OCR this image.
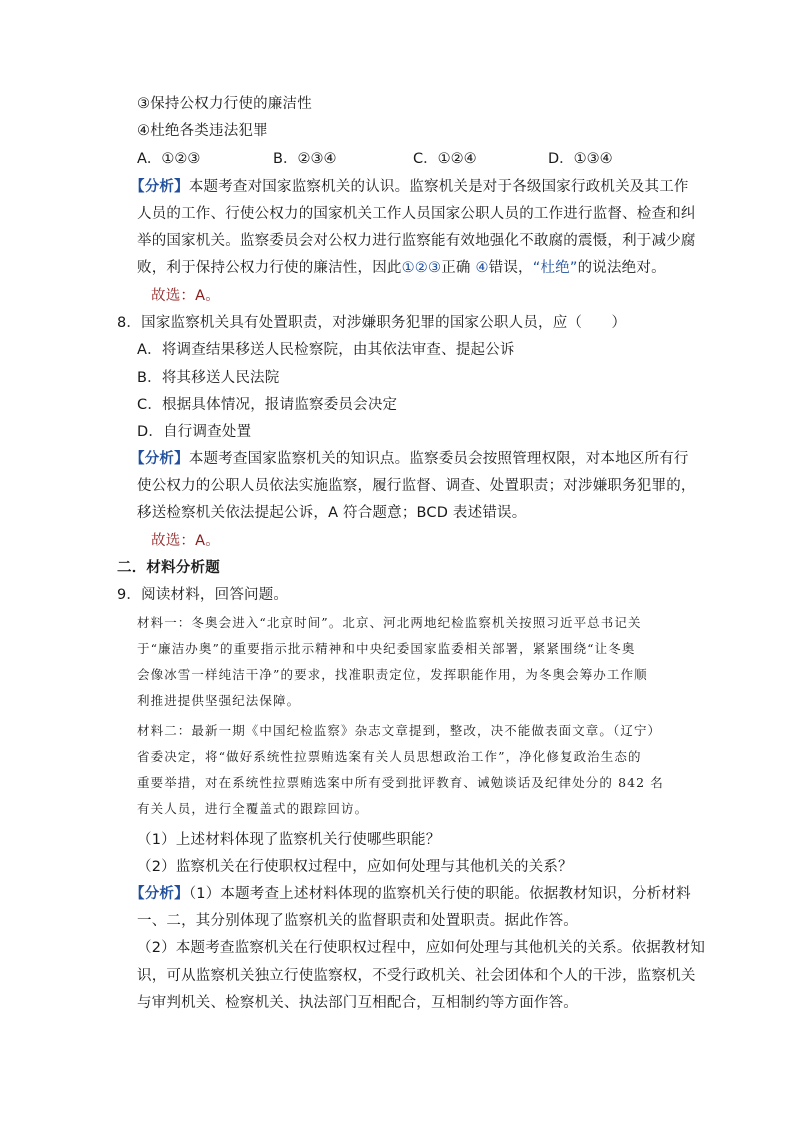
③保持公权力行使的廉洁性
④杜绝各类违法犯罪
A．①②③	B．②③④	C．①②④	D．①③④
【分析】本题考查对国家监察机关的认识。监察机关是对于各级国家行政机关及其工作
人员的工作、行使公权力的国家机关工作人员国家公职人员的工作进行监督、检查和纠
举的国家机关。监察委员会对公权力进行监察能有效地强化不敢腐的震慑，利于减少腐
败，利于保持公权力行使的廉洁性，因此①②③正确 ④错误，“杜绝”的说法绝对。
故选：A。
8．国家监察机关具有处置职责，对涉嫌职务犯罪的国家公职人员，应（　　）
A．将调查结果移送人民检察院，由其依法审查、提起公诉
B．将其移送人民法院
C．根据具体情况，报请监察委员会决定
D．自行调查处置
【分析】本题考查国家监察机关的知识点。监察委员会按照管理权限，对本地区所有行
使公权力的公职人员依法实施监察，履行监督、调查、处置职责；对涉嫌职务犯罪的，
移送检察机关依法提起公诉，A 符合题意；BCD 表述错误。
故选：A。
二．材料分析题
9．阅读材料，回答问题。
材料一：冬奥会进入“北京时间”。北京、河北两地纪检监察机关按照习近平总书记关
于“廉洁办奥”的重要指示批示精神和中央纪委国家监委相关部署，紧紧围绕“让冬奥
会像冰雪一样纯洁干净”的要求，找准职责定位，发挥职能作用，为冬奥会筹办工作顺
利推进提供坚强纪法保障。
材料二：最新一期《中国纪检监察》杂志文章提到，整改，决不能做表面文章。（辽宁）
省委决定，将“做好系统性拉票贿选案有关人员思想政治工作”，净化修复政治生态的
重要举措，对在系统性拉票贿选案中所有受到批评教育、诫勉谈话及纪律处分的 842 名
有关人员，进行全覆盖式的跟踪回访。
（1）上述材料体现了监察机关行使哪些职能？
（2）监察机关在行使职权过程中，应如何处理与其他机关的关系？
【分析】（1）本题考查上述材料体现的监察机关行使的职能。依据教材知识，分析材料
一、二，其分别体现了监察机关的监督职责和处置职责。据此作答。
（2）本题考查监察机关在行使职权过程中，应如何处理与其他机关的关系。依据教材知
识，可从监察机关独立行使监察权，不受行政机关、社会团体和个人的干涉，监察机关
与审判机关、检察机关、执法部门互相配合，互相制约等方面作答。
